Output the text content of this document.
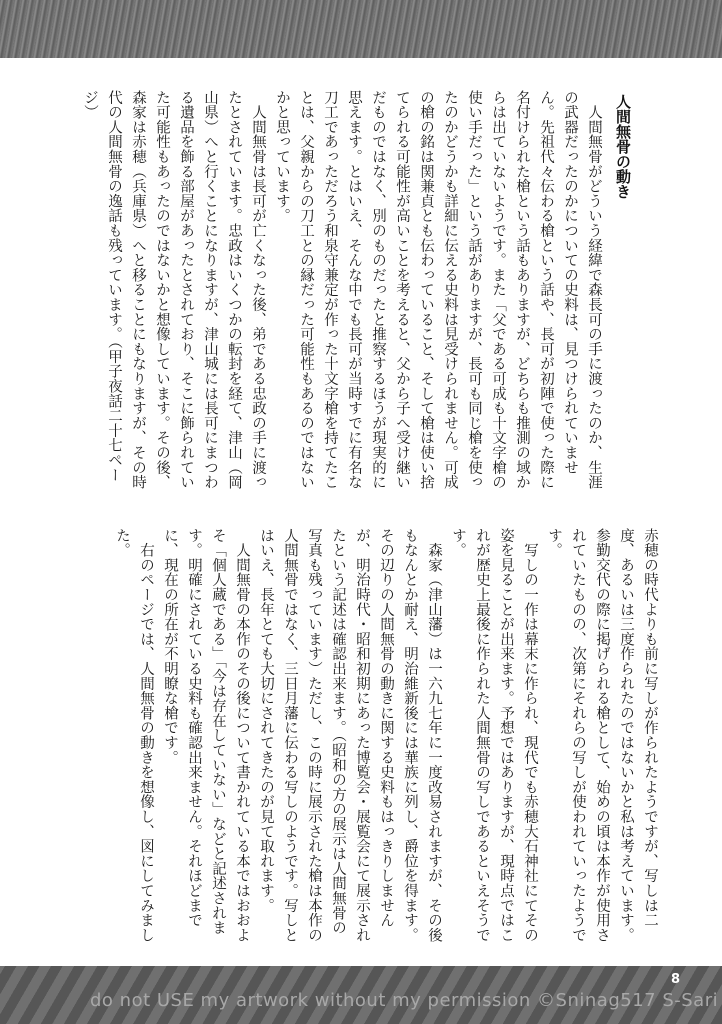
人間無骨の動き

　人間無骨がどういう経緯で森長可の手に渡ったのか、生涯の武器だったのかについての史料は、見つけられていません。先祖代々伝わる槍という話や、長可が初陣で使った際に名付けられた槍という話もありますが、どちらも推測の域からは出ていないようです。また「父である可成も十文字槍の使い手だった」という話がありますが、長可も同じ槍を使ったのかどうかも詳細に伝える史料は見受けられません。可成の槍の銘は関兼貞とも伝わっていること、そして槍は使い捨てられる可能性が高いことを考えると、父から子へ受け継いだものではなく、別のものだったと推察するほうが現実的に思えます。とはいえ、そんな中でも長可が当時すでに有名な刀工であっただろう和泉守兼定が作った十文字槍を持てたことは、父親からの刀工との縁だった可能性もあるのではないかと思っています。

　人間無骨は長可が亡くなった後、弟である忠政の手に渡ったとされています。忠政はいくつかの転封を経て、津山（岡山県）へと行くことになりますが、津山城には長可にまつわる遺品を飾る部屋があったとされており、そこに飾られていた可能性もあったのではないかと想像しています。その後、森家は赤穂（兵庫県）へと移ることにもなりますが、その時代の人間無骨の逸話も残っています。（甲子夜話二十七ページ）

赤穂の時代よりも前に写しが作られたようですが、写しは二度、あるいは三度作られたのではないかと私は考えています。参勤交代の際に掲げられる槍として、始めの頃は本作が使用されていたものの、次第にそれらの写しが使われていったようです。

　写しの一作は幕末に作られ、現代でも赤穂大石神社にてその姿を見ることが出来ます。予想ではありますが、現時点ではこれが歴史上最後に作られた人間無骨の写しであるといえそうです。

　森家（津山藩）は一六九七年に一度改易されますが、その後もなんとか耐え、明治維新後には華族に列し、爵位を得ます。その辺りの人間無骨の動きに関する史料もはっきりしませんが、明治時代・昭和初期にあった博覧会・展覧会にて展示されたという記述は確認出来ます。（昭和の方の展示は人間無骨の写真も残っています）ただし、この時に展示された槍は本作の人間無骨ではなく、三日月藩に伝わる写しのようです。写しとはいえ、長年とても大切にされてきたのが見て取れます。

　人間無骨の本作のその後について書かれている本ではおおよそ「個人蔵である」「今は存在していない」などと記述されます。明確にされている史料も確認出来ません。それほどまでに、現在の所在が不明瞭な槍です。

　右のページでは、人間無骨の動きを想像し、図にしてみました。

8
do not USE my artwork without my permission ©Sninag517 S-Sari
